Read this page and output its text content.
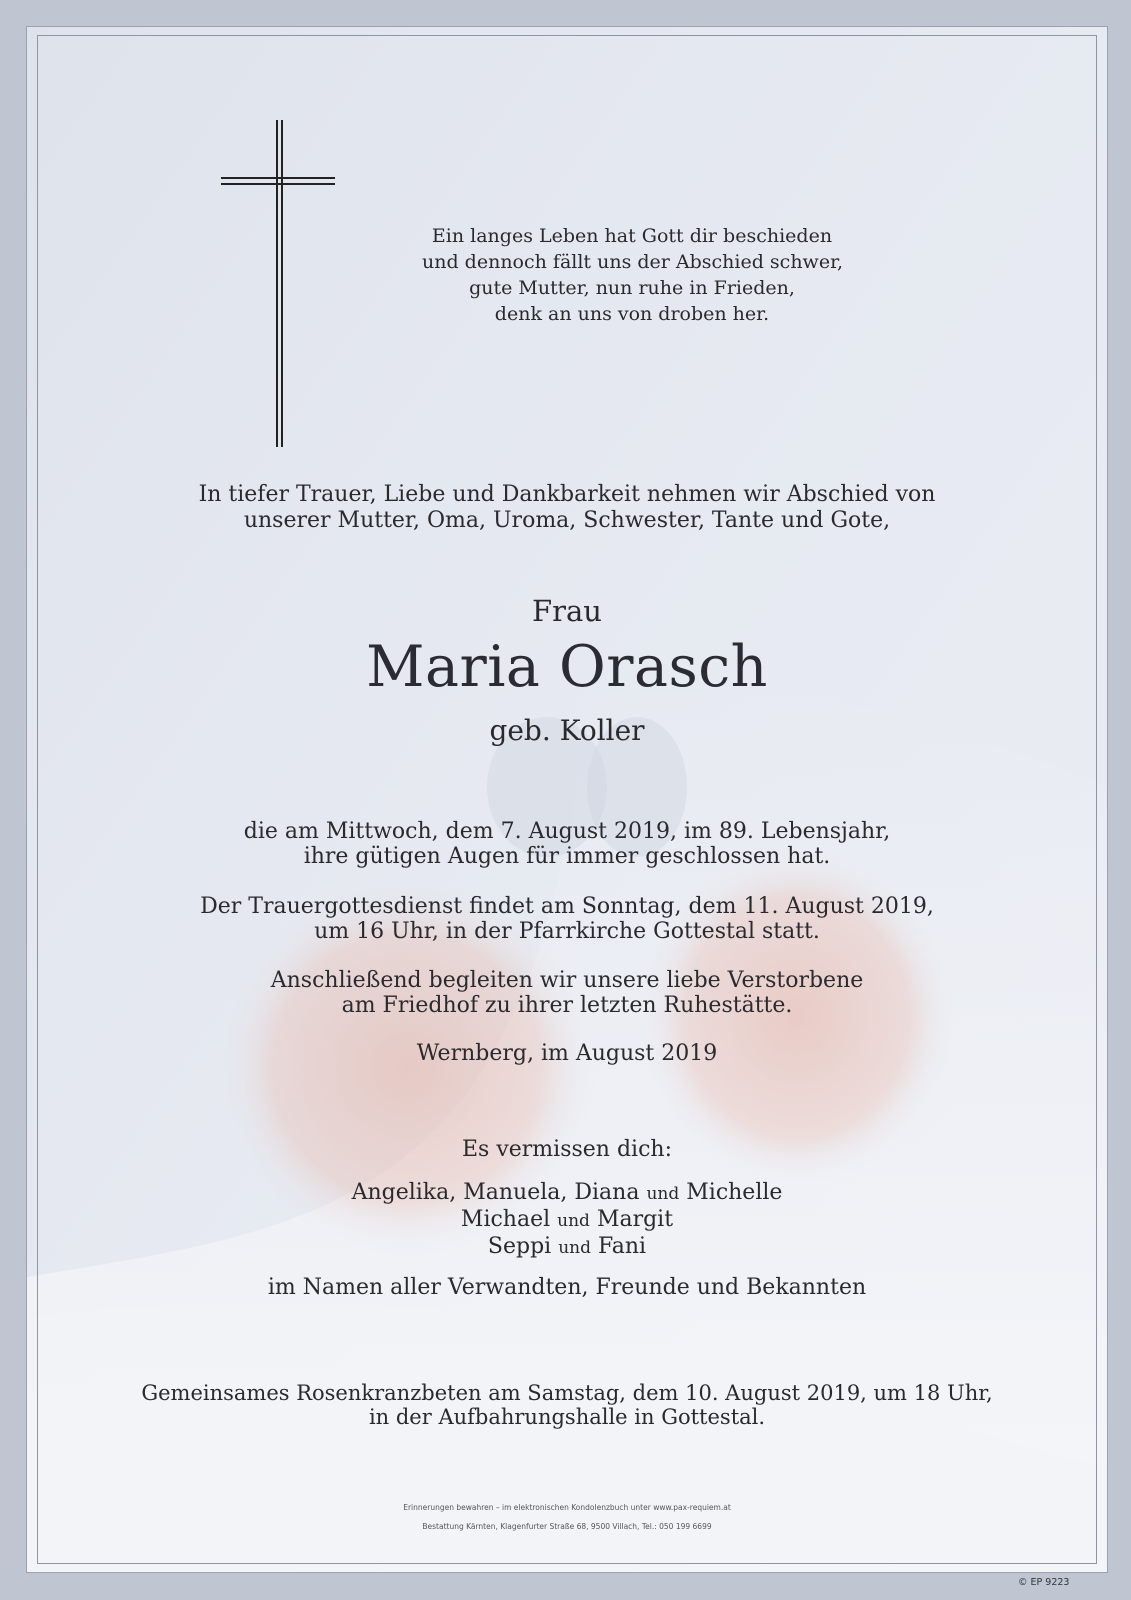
Ein langes Leben hat Gott dir beschieden
und dennoch fällt uns der Abschied schwer,
gute Mutter, nun ruhe in Frieden,
denk an uns von droben her.
In tiefer Trauer, Liebe und Dankbarkeit nehmen wir Abschied von
unserer Mutter, Oma, Uroma, Schwester, Tante und Gote,
Frau
Maria Orasch
geb. Koller
die am Mittwoch, dem 7. August 2019, im 89. Lebensjahr,
ihre gütigen Augen für immer geschlossen hat.
Der Trauergottesdienst findet am Sonntag, dem 11. August 2019,
um 16 Uhr, in der Pfarrkirche Gottestal statt.
Anschließend begleiten wir unsere liebe Verstorbene
am Friedhof zu ihrer letzten Ruhestätte.
Wernberg, im August 2019
Es vermissen dich:
Angelika, Manuela, Diana und Michelle
Michael und Margit
Seppi und Fani
im Namen aller Verwandten, Freunde und Bekannten
Gemeinsames Rosenkranzbeten am Samstag, dem 10. August 2019, um 18 Uhr,
in der Aufbahrungshalle in Gottestal.
Erinnerungen bewahren – im elektronischen Kondolenzbuch unter www.pax-requiem.at
Bestattung Kärnten, Klagenfurter Straße 68, 9500 Villach, Tel.: 050 199 6699
© EP 9223
